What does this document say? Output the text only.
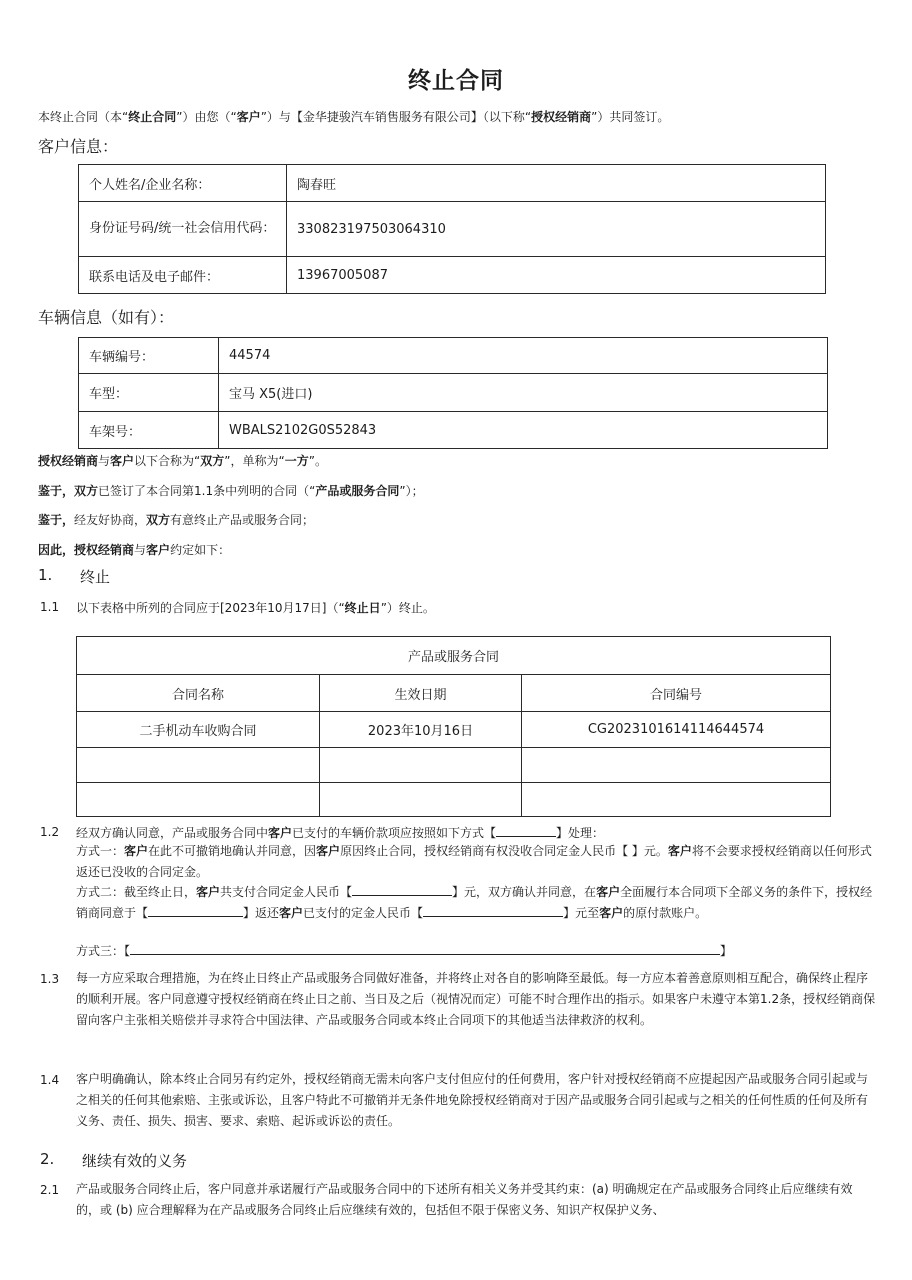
终止合同
本终止合同（本“终止合同”）由您（“客户”）与【金华捷骏汽车销售服务有限公司】（以下称“授权经销商”）共同签订。
客户信息：
个人姓名/企业名称：	陶春旺
身份证号码/统一社会信用代码：	330823197503064310
联系电话及电子邮件：	13967005087
车辆信息（如有）：
车辆编号：	44574
车型：	宝马 X5(进口)
车架号：	WBALS2102G0S52843
授权经销商与客户以下合称为“双方”，单称为“一方”。
鉴于，双方已签订了本合同第1.1条中列明的合同（“产品或服务合同”）；
鉴于，经友好协商，双方有意终止产品或服务合同；
因此，授权经销商与客户约定如下：
1. 终止
1.1 以下表格中所列的合同应于[2023年10月17日]（“终止日”）终止。
产品或服务合同		
合同名称	生效日期	合同编号
二手机动车收购合同	2023年10月16日	CG202310161411464457​4

1.2 经双方确认同意，产品或服务合同中客户已支付的车辆价款项应按照如下方式【	】处理：
方式一：客户在此不可撤销地确认并同意，因客户原因终止合同，授权经销商有权没收合同定金人民币【 】元。客户将不会要求授权经销商以任何形式返还已没收的合同定金。
方式二：截至终止日，客户共支付合同定金人民币【	】元，双方确认并同意，在客户全面履行本合同项下全部义务的条件下，授权经销商同意于【	】返还客户已支付的定金人民币【	】元至客户的原付款账户。
方式三：【	】
1.3 每一方应采取合理措施，为在终止日终止产品或服务合同做好准备，并将终止对各自的影响降至最低。每一方应本着善意原则相互配合，确保终止程序的顺利开展。客户同意遵守授权经销商在终止日之前、当日及之后（视情况而定）可能不时合理作出的指示。如果客户未遵守本第1.2条，授权经销商保留向客户主张相关赔偿并寻求符合中国法律、产品或服务合同或本终止合同项下的其他适当法律救济的权利。
1.4 客户明确确认，除本终止合同另有约定外，授权经销商无需未向客户支付但应付的任何费用，客户针对授权经销商不应提起因产品或服务合同引起或与之相关的任何其他索赔、主张或诉讼，且客户特此不可撤销并无条件地免除授权经销商对于因产品或服务合同引起或与之相关的任何性质的任何及所有义务、责任、损失、损害、要求、索赔、起诉或诉讼的责任。
2. 继续有效的义务
2.1 产品或服务合同终止后，客户同意并承诺履行产品或服务合同中的下述所有相关义务并受其约束：(a) 明确规定在产品或服务合同终止后应继续有效的，或 (b) 应合理解释为在产品或服务合同终止后应继续有效的，包括但不限于保密义务、知识产权保护义务、
